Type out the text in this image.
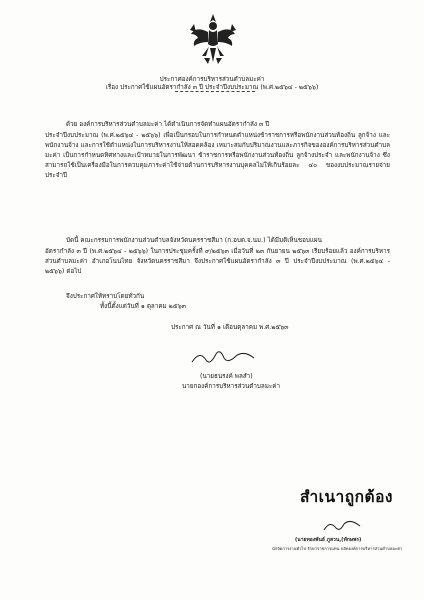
ประกาศองค์การบริหารส่วนตำบลมะค่า
เรื่อง ประกาศใช้แผนอัตรากำลัง ๓ ปี ประจำปีงบประมาณ (พ.ศ.๒๕๖๔ - ๒๕๖๖)
ด้วย องค์การบริหารส่วนตำบลมะค่า ได้ดำเนินการจัดทำแผนอัตรากำลัง ๓ ปี
ประจำปีงบประมาณ (พ.ศ.๒๕๖๔ - ๒๕๖๖) เพื่อเป็นกรอบในการกำหนดตำแหน่งข้าราชการหรือพนักงานส่วนท้องถิ่น ลูกจ้าง และพนักงานจ้าง และการใช้ตำแหน่งในการบริหารงานให้สอดคล้อง เหมาะสมกับปริมาณงานและภารกิจขององค์การบริหารส่วนตำบลมะค่า เป็นการกำหนดทิศทางและเป้าหมายในการพัฒนา ข้าราชการหรือพนักงานส่วนท้องถิ่น ลูกจ้างประจำ และพนักงานจ้าง ซึ่งสามารถใช้เป็นเครื่องมือในการควบคุมภาระค่าใช้จ่ายด้านการบริหารงานบุคคลไม่ให้เกินร้อยละ ๔๐ ของงบประมาณรายจ่ายประจำปี
บัดนี้ คณะกรรมการพนักงานส่วนตำบลจังหวัดนครราชสีมา (ก.อบต.จ.นม.) ได้มีมติเห็นชอบแผน
อัตรากำลัง ๓ ปี (พ.ศ.๒๕๖๔ - ๒๕๖๖) ในการประชุมครั้งที่ ๙/๒๕๖๓ เมื่อวันที่ ๒๓ กันยายน ๒๕๖๓ เรียบร้อยแล้ว องค์การบริหารส่วนตำบลมะค่า อำเภอโนนไทย จังหวัดนครราชสีมา จึงประกาศใช้แผนอัตรากำลัง ๓ ปี ประจำปีงบประมาณ (พ.ศ.๒๕๖๔ - ๒๕๖๖) ต่อไป
จึงประกาศให้ทราบโดยทั่วกัน
ทั้งนี้ตั้งแต่วันที่ ๑ ตุลาคม ๒๕๖๓
ประกาศ ณ วันที่ ๑ เดือนตุลาคม พ.ศ.๒๕๖๓
(นายธนรงค์ พลสำ)
นายกองค์การบริหารส่วนตำบลมะค่า
สำเนาถูกต้อง
(นายทองพันธ์ ภูสวน,(ทักษพร)
นักจัดการงานทั่วไป รักษาราชการแทน ปลัดองค์การบริหารส่วนตำบลมะค่า
